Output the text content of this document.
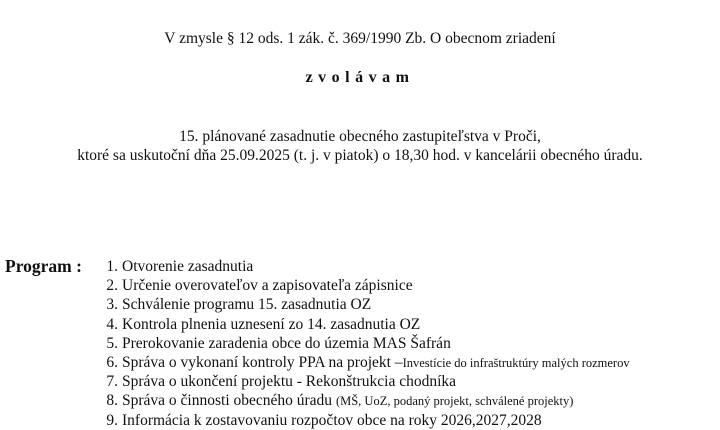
V zmysle § 12 ods. 1 zák. č. 369/1990 Zb. O obecnom zriadení
zvolávam
15. plánované zasadnutie obecného zastupiteľstva v Proči,
ktoré sa uskutoční dňa 25.09.2025 (t. j. v piatok) o 18,30 hod. v kancelárii obecného úradu.
Program :	1. Otvorenie zasadnutia
2. Určenie overovateľov a zapisovateľa zápisnice
3. Schválenie programu 15. zasadnutia OZ
4. Kontrola plnenia uznesení zo 14. zasadnutia OZ
5. Prerokovanie zaradenia obce do územia MAS Šafrán
6. Správa o vykonaní kontroly PPA na projekt –Investície do infraštruktúry malých rozmerov
7. Správa o ukončení projektu - Rekonštrukcia chodníka
8. Správa o činnosti obecného úradu (MŠ, UoZ, podaný projekt, schválené projekty)
9. Informácia k zostavovaniu rozpočtov obce na roky 2026,2027,2028
